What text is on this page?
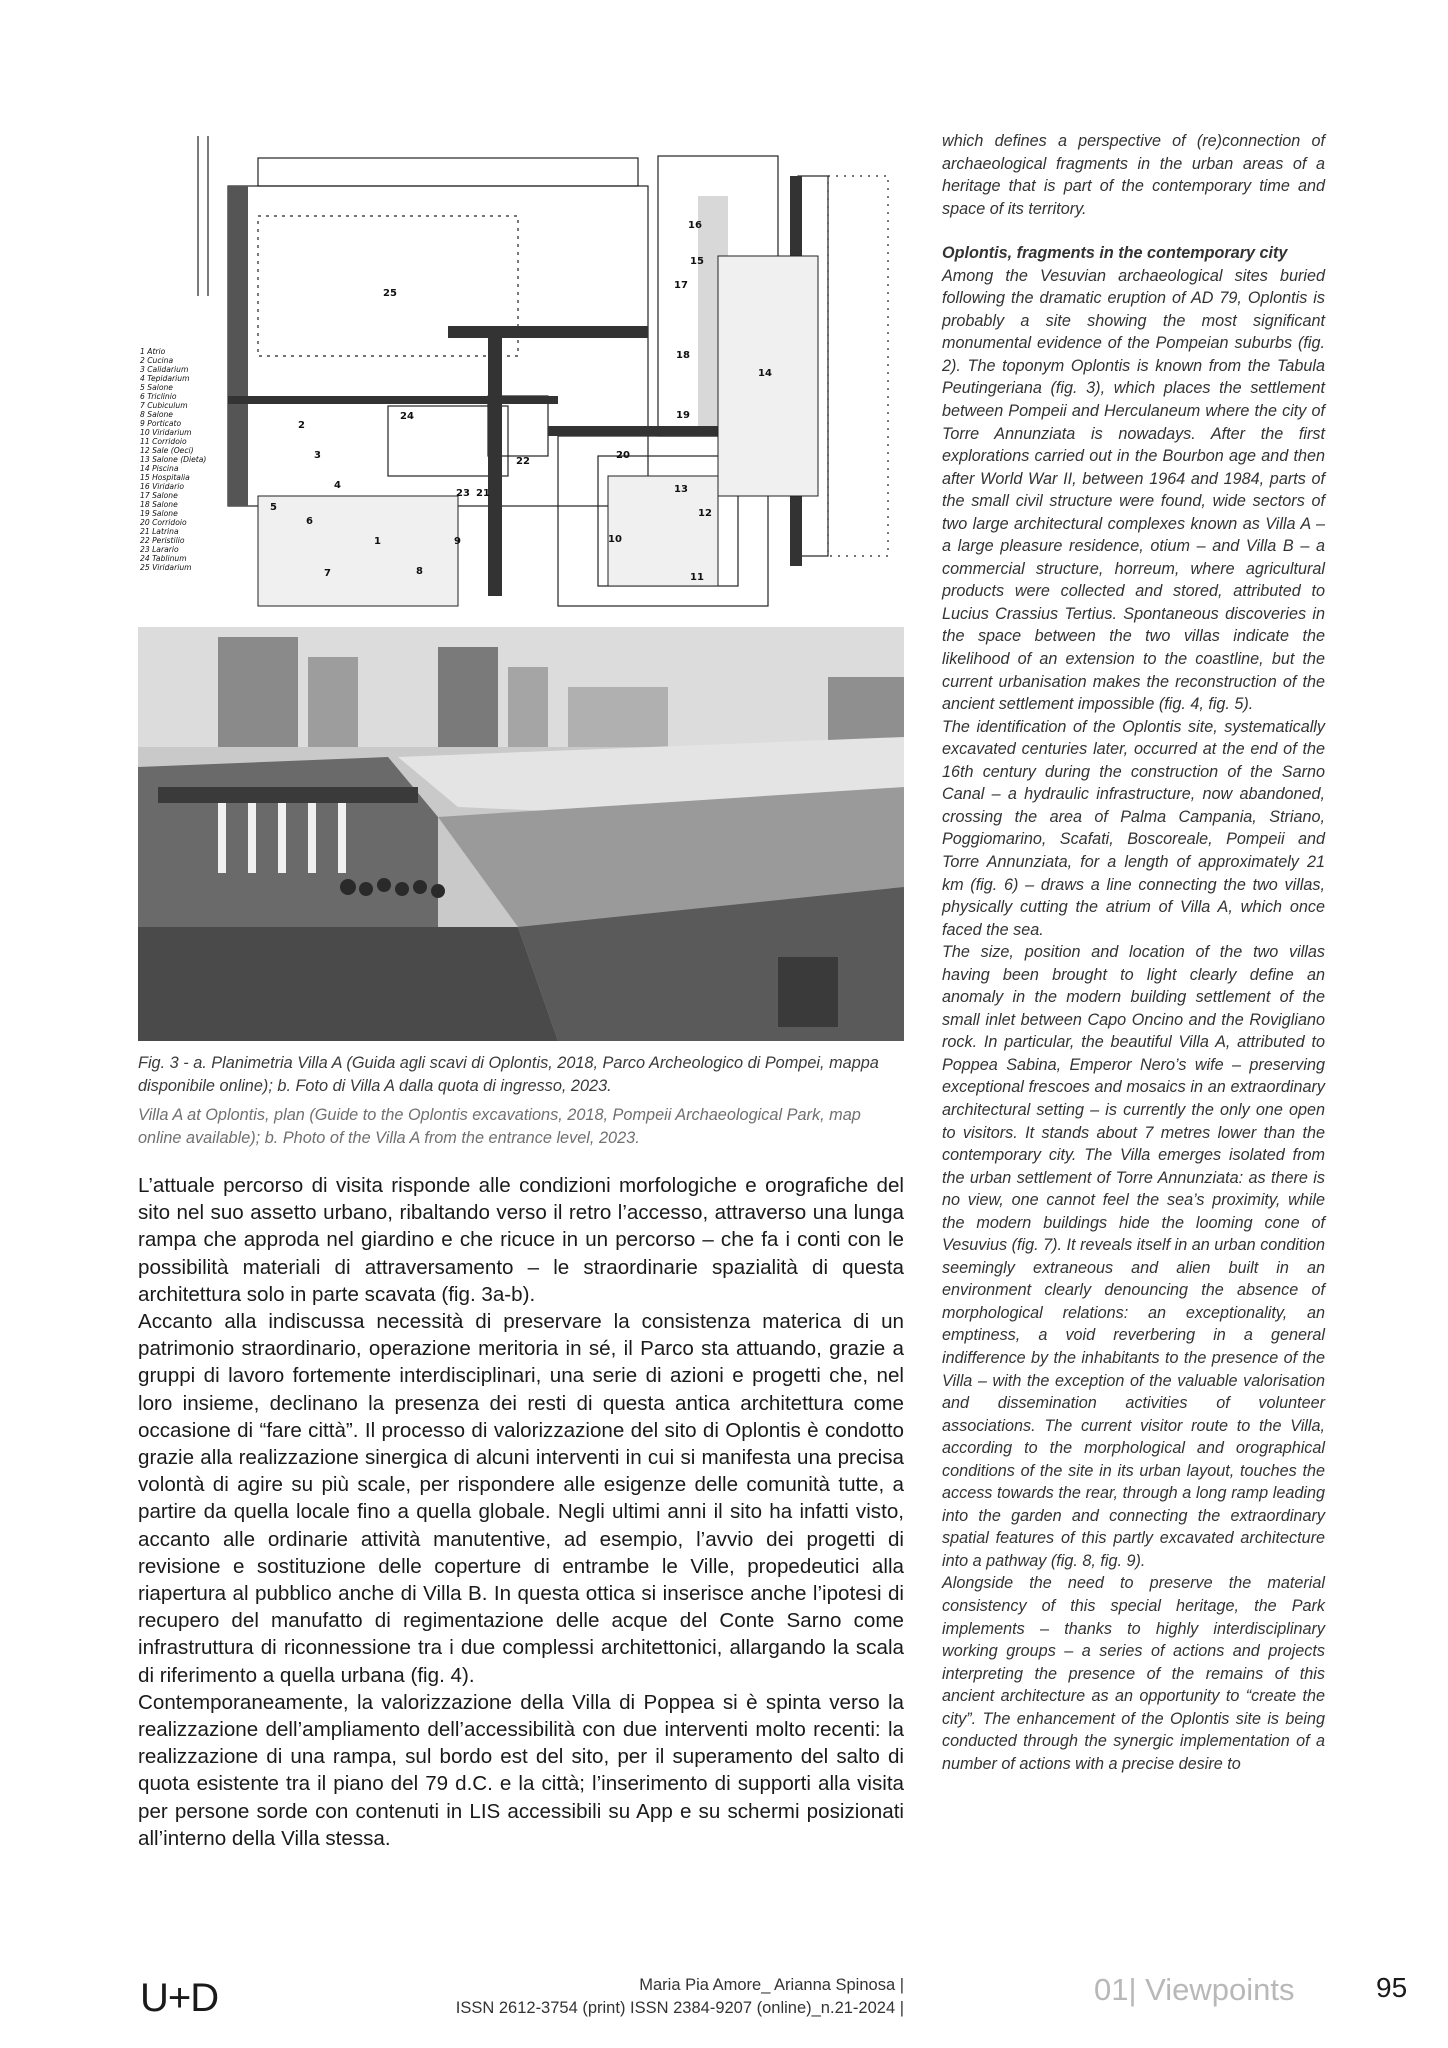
25
14
24
22
20
10
15
17
18
19
12
13
1
3
5
6
7	8
9
2
4
11
16
21
23
1 Atrio
2 Cucina
3 Calidarium
4 Tepidarium
5 Salone
6 Triclinio
7 Cubiculum
8 Salone
9 Porticato
10 Viridarium
11 Corridoio
12 Sale (Oeci)
13 Salone (Dieta)
14 Piscina
15 Hospitalia
16 Viridario
17 Salone
18 Salone
19 Salone
20 Corridoio
21 Latrina
22 Peristilio
23 Larario
24 Tablinum
25 Viridarium
Fig. 3 - a. Planimetria Villa A (Guida agli scavi di Oplontis, 2018, Parco Archeologico di Pompei, mappa disponibile online); b. Foto di Villa A dalla quota di ingresso, 2023.
Villa A at Oplontis, plan (Guide to the Oplontis excavations, 2018, Pompeii Archaeological Park, map online available); b. Photo of the Villa A from the entrance level, 2023.

L’attuale percorso di visita risponde alle condizioni morfologiche e orografiche del sito nel suo assetto urbano, ribaltando verso il retro l’accesso, attraverso una lunga rampa che approda nel giardino e che ricuce in un percorso – che fa i conti con le possibilità materiali di attraversamento – le straordinarie spazialità di questa architettura solo in parte scavata (fig. 3a-b).

Accanto alla indiscussa necessità di preservare la consistenza materica di un patrimonio straordinario, operazione meritoria in sé, il Parco sta attuando, grazie a gruppi di lavoro fortemente interdisciplinari, una serie di azioni e progetti che, nel loro insieme, declinano la presenza dei resti di questa antica architettura come occasione di “fare città”. Il processo di valorizzazione del sito di Oplontis è condotto grazie alla realizzazione sinergica di alcuni interventi in cui si manifesta una precisa volontà di agire su più scale, per rispondere alle esigenze delle comunità tutte, a partire da quella locale fino a quella globale. Negli ultimi anni il sito ha infatti visto, accanto alle ordinarie attività manutentive, ad esempio, l’avvio dei progetti di revisione e sostituzione delle coperture di entrambe le Ville, propedeutici alla riapertura al pubblico anche di Villa B. In questa ottica si inserisce anche l’ipotesi di recupero del manufatto di regimentazione delle acque del Conte Sarno come infrastruttura di riconnessione tra i due complessi architettonici, allargando la scala di riferimento a quella urbana (fig. 4).

Contemporaneamente, la valorizzazione della Villa di Poppea si è spinta verso la realizzazione dell’ampliamento dell’accessibilità con due interventi molto recenti: la realizzazione di una rampa, sul bordo est del sito, per il superamento del salto di quota esistente tra il piano del 79 d.C. e la città; l’inserimento di supporti alla visita per persone sorde con contenuti in LIS accessibili su App e su schermi posizionati all’interno della Villa stessa.

which defines a perspective of (re)connection of archaeological fragments in the urban areas of a heritage that is part of the contemporary time and space of its territory.

Oplontis, fragments in the contemporary city

Among the Vesuvian archaeological sites buried following the dramatic eruption of AD 79, Oplontis is probably a site showing the most significant monumental evidence of the Pompeian suburbs (fig. 2). The toponym Oplontis is known from the Tabula Peutingeriana (fig. 3), which places the settlement between Pompeii and Herculaneum where the city of Torre Annunziata is nowadays. After the first explorations carried out in the Bourbon age and then after World War II, between 1964 and 1984, parts of the small civil structure were found, wide sectors of two large architectural complexes known as Villa A – a large pleasure residence, otium – and Villa B – a commercial structure, horreum, where agricultural products were collected and stored, attributed to Lucius Crassius Tertius. Spontaneous discoveries in the space between the two villas indicate the likelihood of an extension to the coastline, but the current urbanisation makes the reconstruction of the ancient settlement impossible (fig. 4, fig. 5).

The identification of the Oplontis site, systematically excavated centuries later, occurred at the end of the 16th century during the construction of the Sarno Canal – a hydraulic infrastructure, now abandoned, crossing the area of Palma Campania, Striano, Poggiomarino, Scafati, Boscoreale, Pompeii and Torre Annunziata, for a length of approximately 21 km (fig. 6) – draws a line connecting the two villas, physically cutting the atrium of Villa A, which once faced the sea.

The size, position and location of the two villas having been brought to light clearly define an anomaly in the modern building settlement of the small inlet between Capo Oncino and the Rovigliano rock. In particular, the beautiful Villa A, attributed to Poppea Sabina, Emperor Nero’s wife – preserving exceptional frescoes and mosaics in an extraordinary architectural setting – is currently the only one open to visitors. It stands about 7 metres lower than the contemporary city. The Villa emerges isolated from the urban settlement of Torre Annunziata: as there is no view, one cannot feel the sea’s proximity, while the modern buildings hide the looming cone of Vesuvius (fig. 7). It reveals itself in an urban condition seemingly extraneous and alien built in an environment clearly denouncing the absence of morphological relations: an exceptionality, an emptiness, a void reverbering in a general indifference by the inhabitants to the presence of the Villa – with the exception of the valuable valorisation and dissemination activities of volunteer associations. The current visitor route to the Villa, according to the morphological and orographical conditions of the site in its urban layout, touches the access towards the rear, through a long ramp leading into the garden and connecting the extraordinary spatial features of this partly excavated architecture into a pathway (fig. 8, fig. 9).

Alongside the need to preserve the material consistency of this special heritage, the Park implements – thanks to highly interdisciplinary working groups – a series of actions and projects interpreting the presence of the remains of this ancient architecture as an opportunity to “create the city”. The enhancement of the Oplontis site is being conducted through the synergic implementation of a number of actions with a precise desire to

U+D	Maria Pia Amore_ Arianna Spinosa |
ISSN 2612-3754 (print) ISSN 2384-9207 (online)_n.21-2024 |
01| Viewpoints	95
